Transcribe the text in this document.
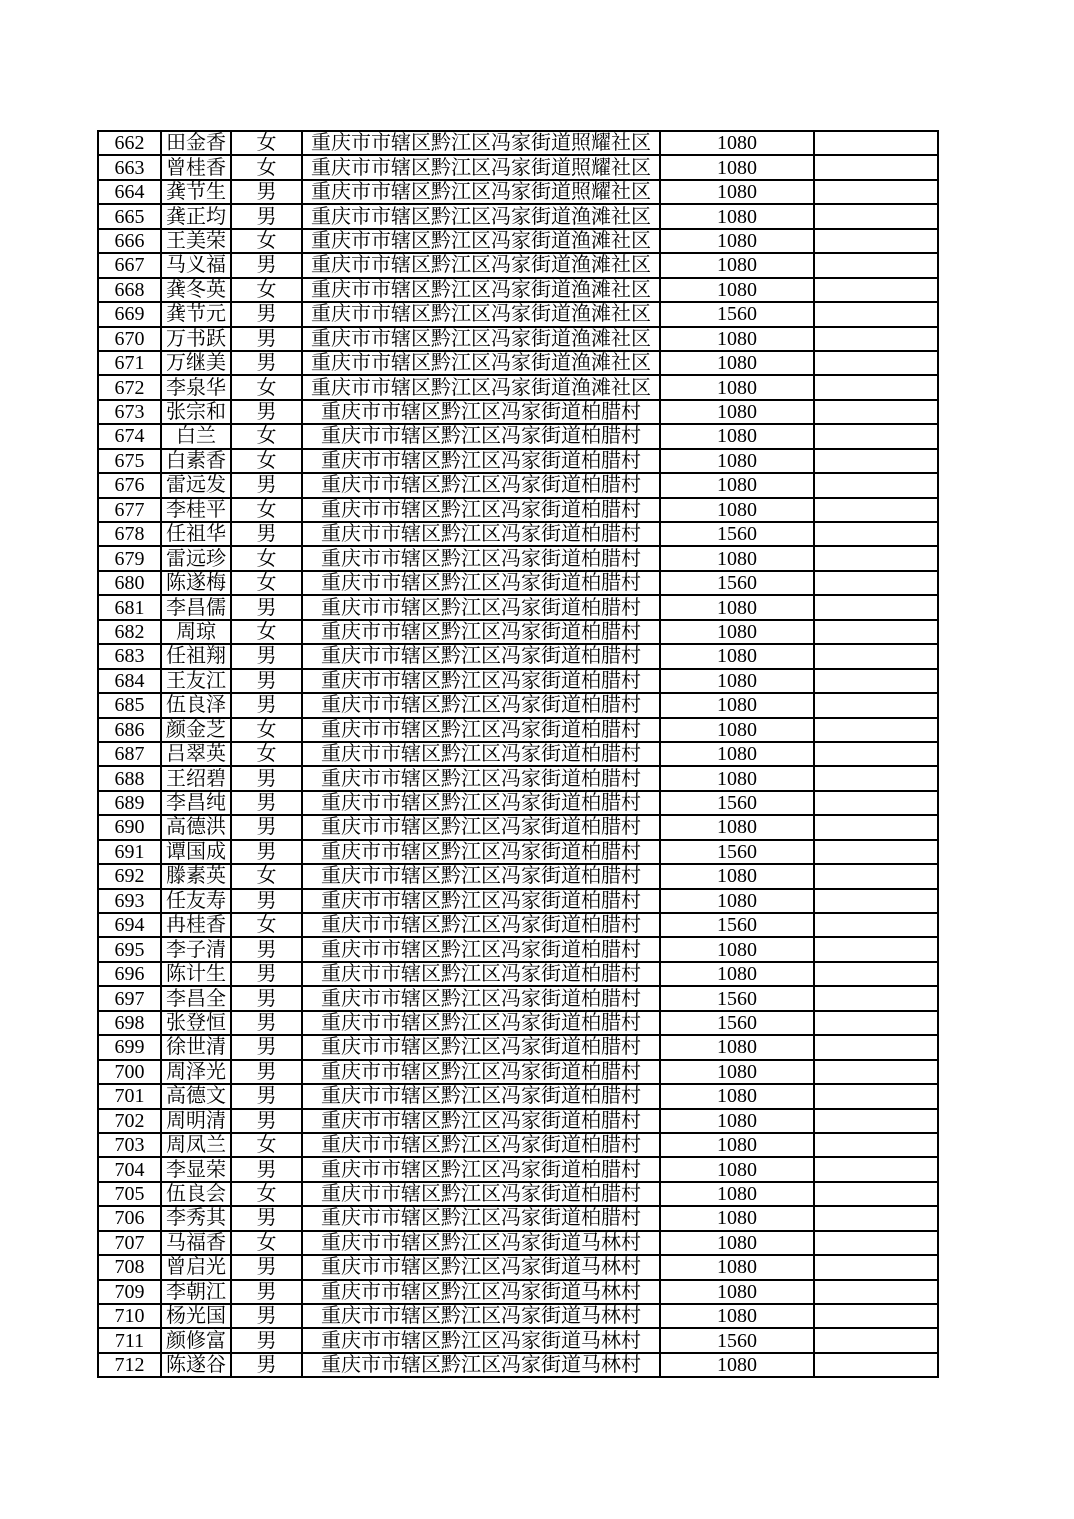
662	田金香	女	重庆市市辖区黔江区冯家街道照耀社区	1080	
663	曾桂香	女	重庆市市辖区黔江区冯家街道照耀社区	1080	
664	龚节生	男	重庆市市辖区黔江区冯家街道照耀社区	1080	
665	龚正均	男	重庆市市辖区黔江区冯家街道渔滩社区	1080	
666	王美荣	女	重庆市市辖区黔江区冯家街道渔滩社区	1080	
667	马义福	男	重庆市市辖区黔江区冯家街道渔滩社区	1080	
668	龚冬英	女	重庆市市辖区黔江区冯家街道渔滩社区	1080	
669	龚节元	男	重庆市市辖区黔江区冯家街道渔滩社区	1560	
670	万书跃	男	重庆市市辖区黔江区冯家街道渔滩社区	1080	
671	万继美	男	重庆市市辖区黔江区冯家街道渔滩社区	1080	
672	李泉华	女	重庆市市辖区黔江区冯家街道渔滩社区	1080	
673	张宗和	男	重庆市市辖区黔江区冯家街道柏腊村	1080	
674	白兰	女	重庆市市辖区黔江区冯家街道柏腊村	1080	
675	白素香	女	重庆市市辖区黔江区冯家街道柏腊村	1080	
676	雷远发	男	重庆市市辖区黔江区冯家街道柏腊村	1080	
677	李桂平	女	重庆市市辖区黔江区冯家街道柏腊村	1080	
678	任祖华	男	重庆市市辖区黔江区冯家街道柏腊村	1560	
679	雷远珍	女	重庆市市辖区黔江区冯家街道柏腊村	1080	
680	陈遂梅	女	重庆市市辖区黔江区冯家街道柏腊村	1560	
681	李昌儒	男	重庆市市辖区黔江区冯家街道柏腊村	1080	
682	周琼	女	重庆市市辖区黔江区冯家街道柏腊村	1080	
683	任祖翔	男	重庆市市辖区黔江区冯家街道柏腊村	1080	
684	王友江	男	重庆市市辖区黔江区冯家街道柏腊村	1080	
685	伍良泽	男	重庆市市辖区黔江区冯家街道柏腊村	1080	
686	颜金芝	女	重庆市市辖区黔江区冯家街道柏腊村	1080	
687	吕翠英	女	重庆市市辖区黔江区冯家街道柏腊村	1080	
688	王绍碧	男	重庆市市辖区黔江区冯家街道柏腊村	1080	
689	李昌纯	男	重庆市市辖区黔江区冯家街道柏腊村	1560	
690	高德洪	男	重庆市市辖区黔江区冯家街道柏腊村	1080	
691	谭国成	男	重庆市市辖区黔江区冯家街道柏腊村	1560	
692	滕素英	女	重庆市市辖区黔江区冯家街道柏腊村	1080	
693	任友寿	男	重庆市市辖区黔江区冯家街道柏腊村	1080	
694	冉桂香	女	重庆市市辖区黔江区冯家街道柏腊村	1560	
695	李子清	男	重庆市市辖区黔江区冯家街道柏腊村	1080	
696	陈计生	男	重庆市市辖区黔江区冯家街道柏腊村	1080	
697	李昌全	男	重庆市市辖区黔江区冯家街道柏腊村	1560	
698	张登恒	男	重庆市市辖区黔江区冯家街道柏腊村	1560	
699	徐世清	男	重庆市市辖区黔江区冯家街道柏腊村	1080	
700	周泽光	男	重庆市市辖区黔江区冯家街道柏腊村	1080	
701	高德文	男	重庆市市辖区黔江区冯家街道柏腊村	1080	
702	周明清	男	重庆市市辖区黔江区冯家街道柏腊村	1080	
703	周凤兰	女	重庆市市辖区黔江区冯家街道柏腊村	1080	
704	李显荣	男	重庆市市辖区黔江区冯家街道柏腊村	1080	
705	伍良会	女	重庆市市辖区黔江区冯家街道柏腊村	1080	
706	李秀其	男	重庆市市辖区黔江区冯家街道柏腊村	1080	
707	马福香	女	重庆市市辖区黔江区冯家街道马林村	1080	
708	曾启光	男	重庆市市辖区黔江区冯家街道马林村	1080	
709	李朝江	男	重庆市市辖区黔江区冯家街道马林村	1080	
710	杨光国	男	重庆市市辖区黔江区冯家街道马林村	1080	
711	颜修富	男	重庆市市辖区黔江区冯家街道马林村	1560	
712	陈遂谷	男	重庆市市辖区黔江区冯家街道马林村	1080	
